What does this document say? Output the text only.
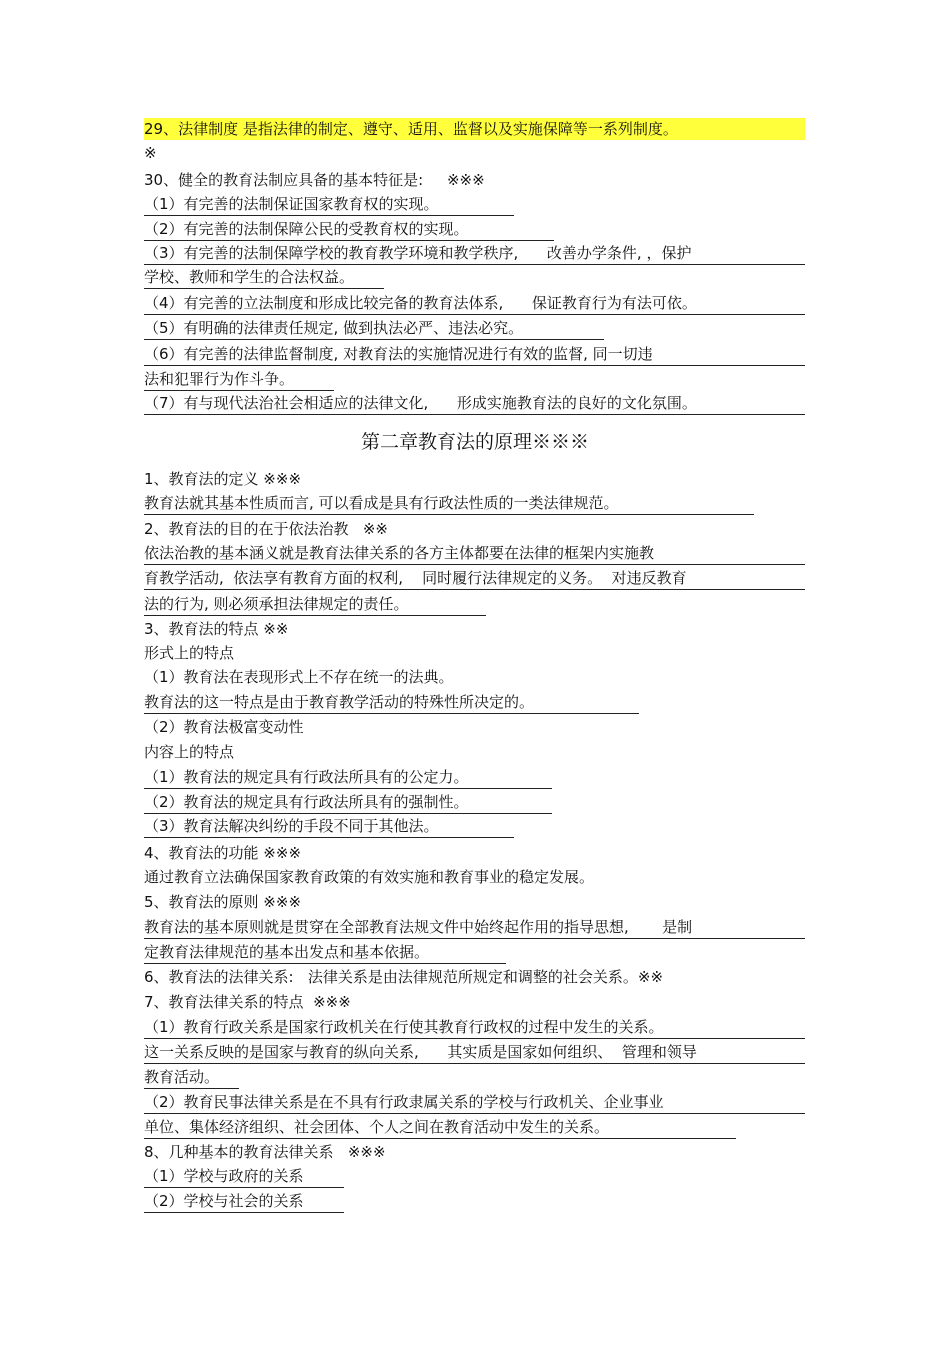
29、法律制度 是指法律的制定、遵守、适用、监督以及实施保障等一系列制度。
※
30、健全的教育法制应具备的基本特征是:     ※※※
（1）有完善的法制保证国家教育权的实现。
（2）有完善的法制保障公民的受教育权的实现。
（3）有完善的法制保障学校的教育教学环境和教学秩序,      改善办学条件, ，保护
学校、教师和学生的合法权益。
（4）有完善的立法制度和形成比较完备的教育法体系,      保证教育行为有法可依。
（5）有明确的法律责任规定, 做到执法必严、违法必究。
（6）有完善的法律监督制度, 对教育法的实施情况进行有效的监督, 同一切违
法和犯罪行为作斗争。
（7）有与现代法治社会相适应的法律文化,      形成实施教育法的良好的文化氛围。
第二章教育法的原理※※※
1、教育法的定义 ※※※
教育法就其基本性质而言, 可以看成是具有行政法性质的一类法律规范。
2、教育法的目的在于依法治教   ※※
依法治教的基本涵义就是教育法律关系的各方主体都要在法律的框架内实施教
育教学活动,  依法享有教育方面的权利,    同时履行法律规定的义务。  对违反教育
法的行为, 则必须承担法律规定的责任。
3、教育法的特点 ※※
形式上的特点
（1）教育法在表现形式上不存在统一的法典。
教育法的这一特点是由于教育教学活动的特殊性所决定的。
（2）教育法极富变动性
内容上的特点
（1）教育法的规定具有行政法所具有的公定力。
（2）教育法的规定具有行政法所具有的强制性。
（3）教育法解决纠纷的手段不同于其他法。
4、教育法的功能 ※※※
通过教育立法确保国家教育政策的有效实施和教育事业的稳定发展。
5、教育法的原则 ※※※
教育法的基本原则就是贯穿在全部教育法规文件中始终起作用的指导思想,       是制
定教育法律规范的基本出发点和基本依据。
6、教育法的法律关系:   法律关系是由法律规范所规定和调整的社会关系。※※
7、教育法律关系的特点  ※※※
（1）教育行政关系是国家行政机关在行使其教育行政权的过程中发生的关系。
这一关系反映的是国家与教育的纵向关系,      其实质是国家如何组织、  管理和领导
教育活动。
（2）教育民事法律关系是在不具有行政隶属关系的学校与行政机关、企业事业
单位、集体经济组织、社会团体、个人之间在教育活动中发生的关系。
8、几种基本的教育法律关系   ※※※
（1）学校与政府的关系
（2）学校与社会的关系
